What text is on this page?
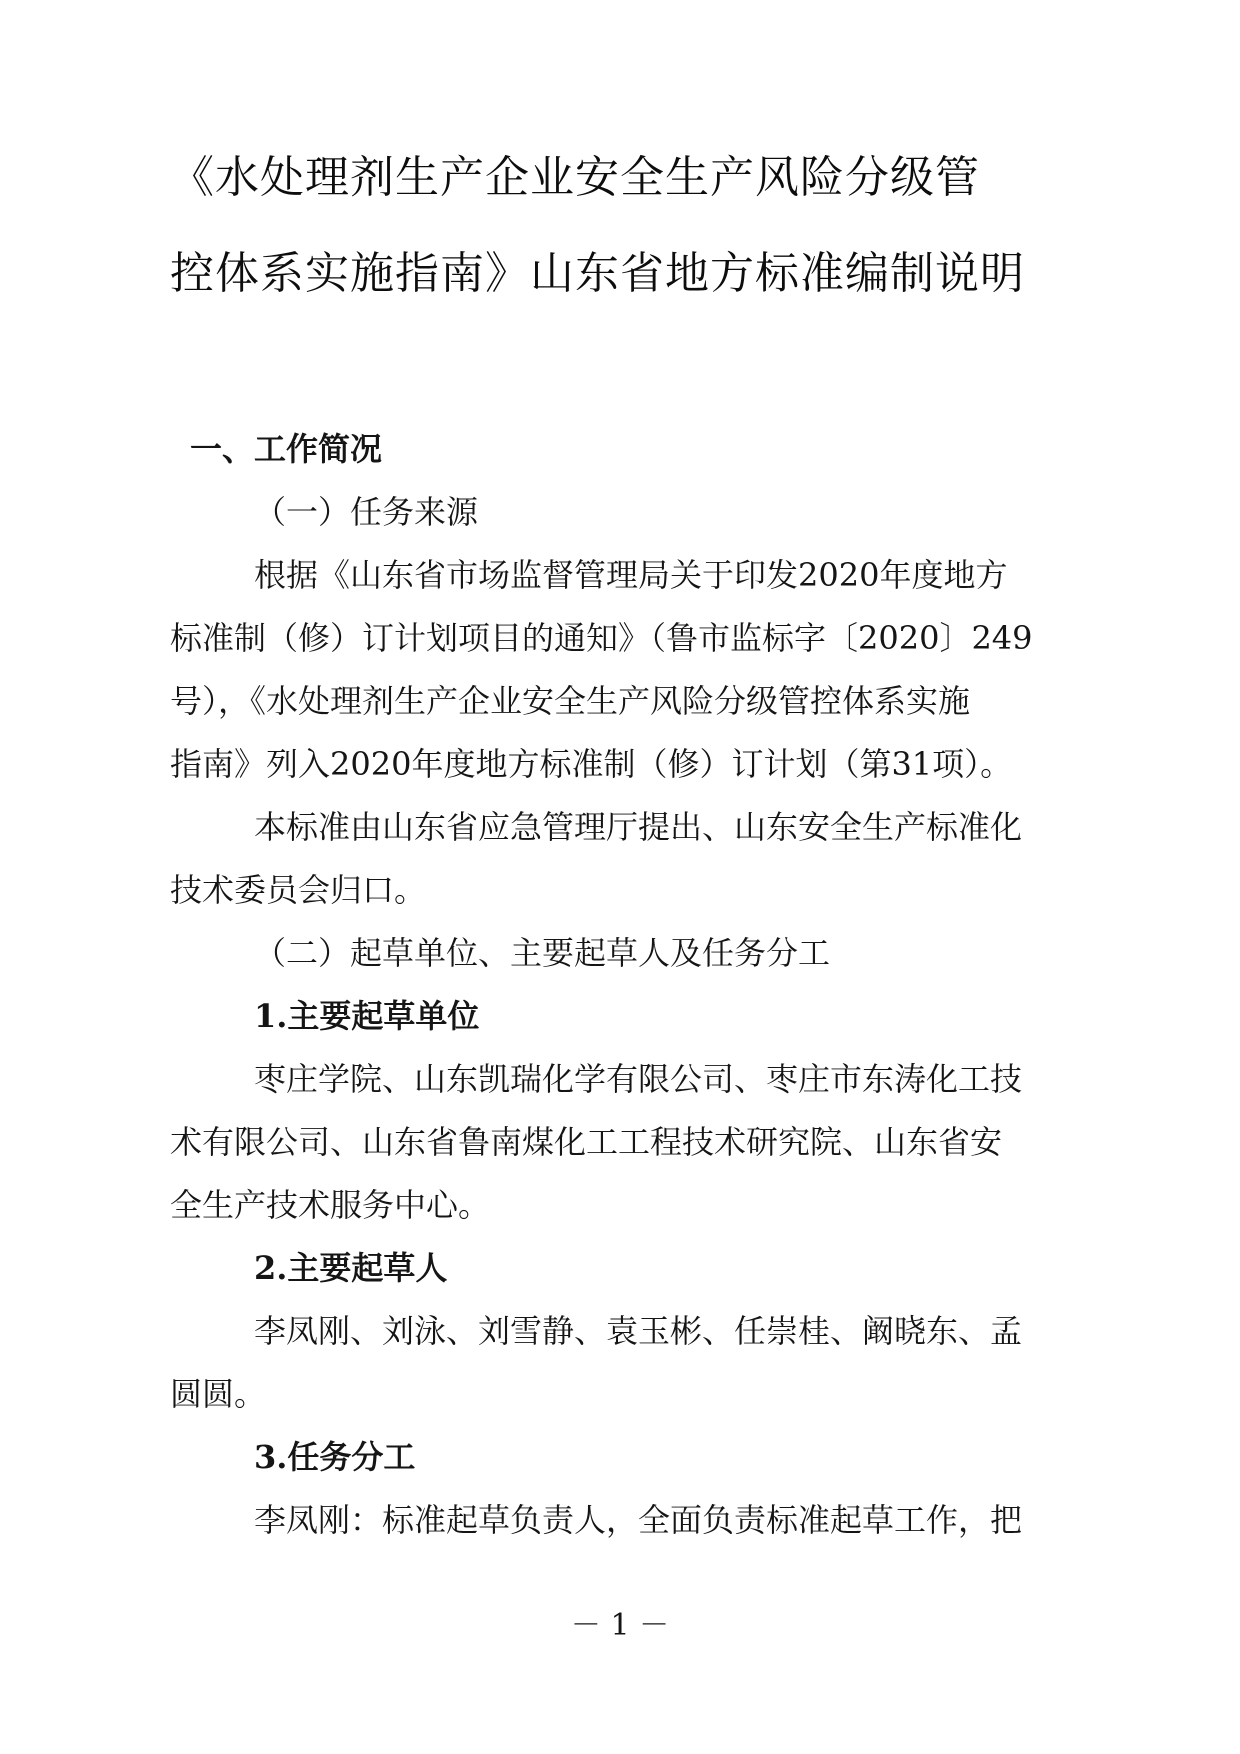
《水处理剂生产企业安全生产风险分级管
控体系实施指南》山东省地方标准编制说明
一、工作简况
（一）任务来源
根据《山东省市场监督管理局关于印发2020年度地方
标准制（修）订计划项目的通知》（鲁市监标字〔2020〕249
号），《水处理剂生产企业安全生产风险分级管控体系实施
指南》列入2020年度地方标准制（修）订计划（第31项）。
本标准由山东省应急管理厅提出、山东安全生产标准化
技术委员会归口。
（二）起草单位、主要起草人及任务分工
1.主要起草单位
枣庄学院、山东凯瑞化学有限公司、枣庄市东涛化工技
术有限公司、山东省鲁南煤化工工程技术研究院、山东省安
全生产技术服务中心。
2.主要起草人
李凤刚、刘泳、刘雪静、袁玉彬、任崇桂、阚晓东、孟
圆圆。
3.任务分工
李凤刚：标准起草负责人，全面负责标准起草工作，把
－ 1 －
